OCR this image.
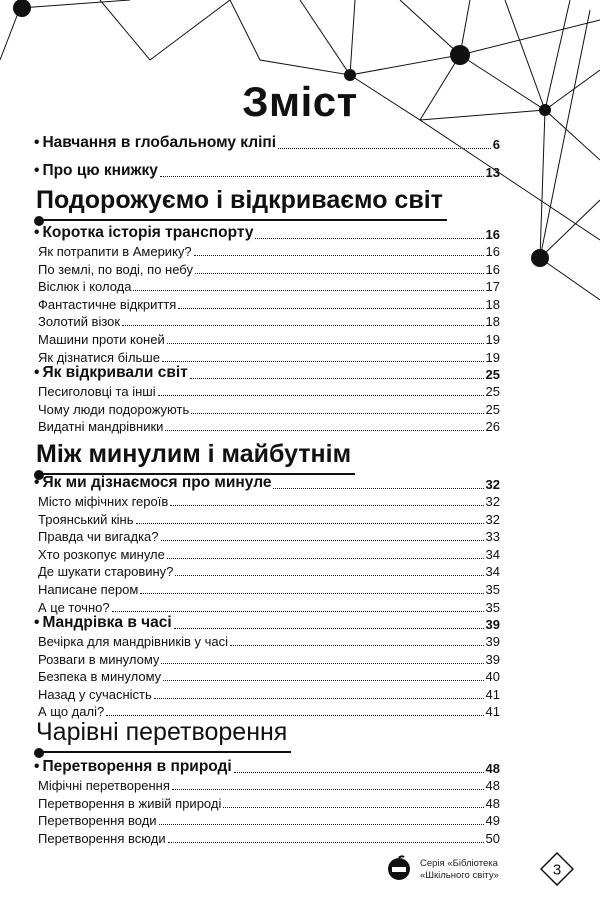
Зміст
• Навчання в глобальному кліпі	6
• Про цю книжку	13
Подорожуємо і відкриваємо світ
• Коротка історія транспорту	16
Як потрапити в Америку?	16
По землі, по воді, по небу	16
Віслюк і колода	17
Фантастичне відкриття	18
Золотий візок	18
Машини проти коней	19
Як дізнатися більше	19
• Як відкривали світ	25
Песиголовці та інші	25
Чому люди подорожують	25
Видатні мандрівники	26
Між минулим і майбутнім
• Як ми дізнаємося про минуле	32
Місто міфічних героїв	32
Троянський кінь	32
Правда чи вигадка?	33
Хто розкопує минуле	34
Де шукати старовину?	34
Написане пером	35
А це точно?	35
• Мандрівка в часі	39
Вечірка для мандрівників у часі	39
Розваги в минулому	39
Безпека в минулому	40
Назад у сучасність	41
А що далі?	41
Чарівні перетворення
• Перетворення в природі	48
Міфічні перетворення	48
Перетворення в живій природі	48
Перетворення води	49
Перетворення всюди	50
Серія «Бібліотека
«Шкільного світу»	3
